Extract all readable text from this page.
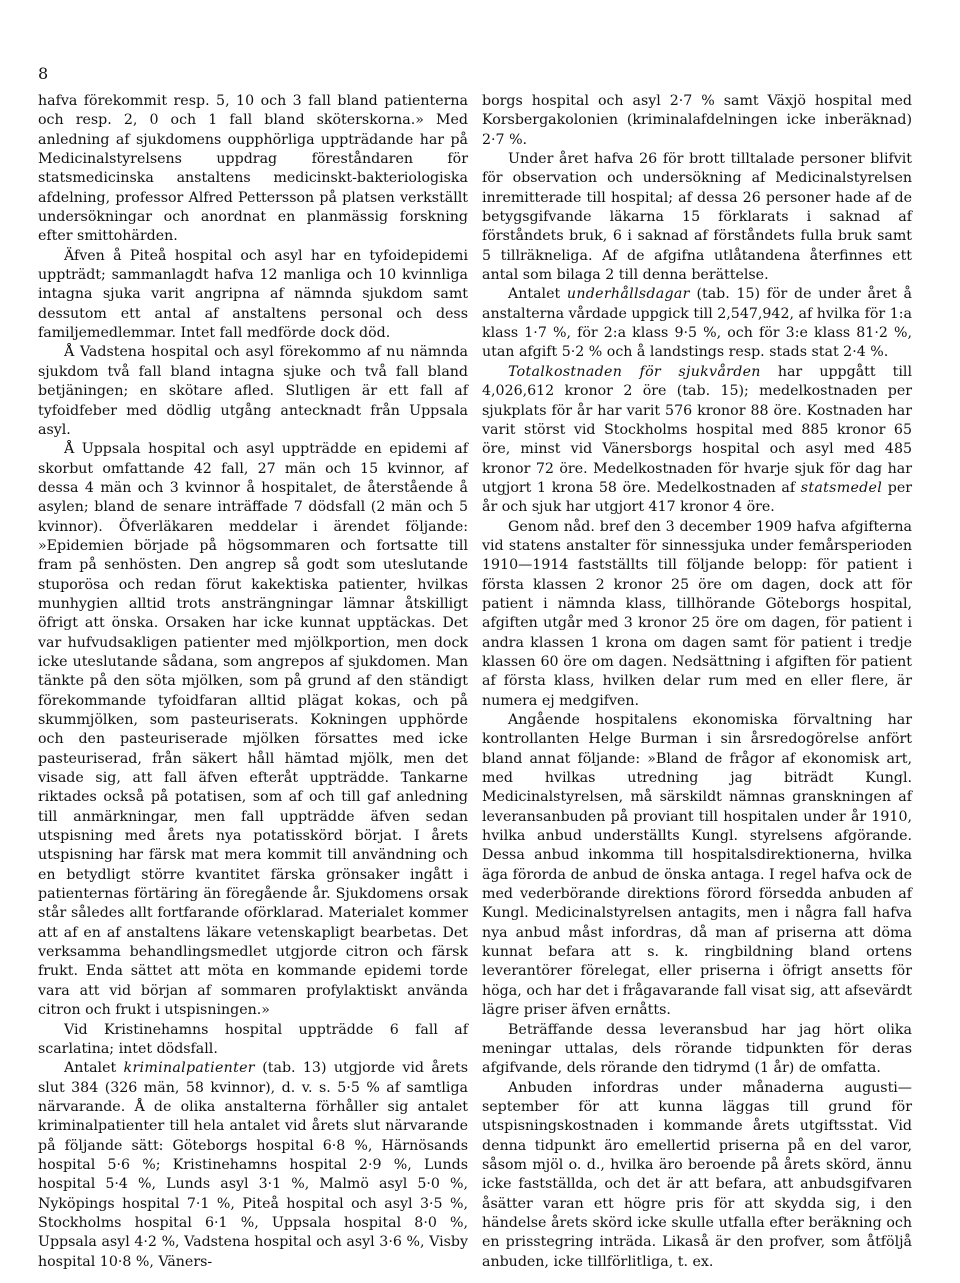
8

hafva förekommit resp. 5, 10 och 3 fall bland patienterna och resp. 2, 0 och 1 fall bland sköterskorna.» Med anledning af sjukdomens oupphörliga uppträdande har på Medicinalstyrelsens uppdrag föreståndaren för statsmedicinska anstaltens medicinskt-bakteriologiska afdelning, professor Alfred Pettersson på platsen verkställt undersökningar och anordnat en planmässig forskning efter smittohärden.

Äfven å Piteå hospital och asyl har en tyfoidepidemi uppträdt; sammanlagdt hafva 12 manliga och 10 kvinnliga intagna sjuka varit angripna af nämnda sjukdom samt dessutom ett antal af anstaltens personal och dess familjemedlemmar. Intet fall medförde dock död.

Å Vadstena hospital och asyl förekommo af nu nämnda sjukdom två fall bland intagna sjuke och två fall bland betjäningen; en skötare afled. Slutligen är ett fall af tyfoidfeber med dödlig utgång antecknadt från Uppsala asyl.

Å Uppsala hospital och asyl uppträdde en epidemi af skorbut omfattande 42 fall, 27 män och 15 kvinnor, af dessa 4 män och 3 kvinnor å hospitalet, de återstående å asylen; bland de senare inträffade 7 dödsfall (2 män och 5 kvinnor). Öfverläkaren meddelar i ärendet följande: »Epidemien började på högsommaren och fortsatte till fram på senhösten. Den angrep så godt som uteslutande stuporösa och redan förut kakektiska patienter, hvilkas munhygien alltid trots ansträngningar lämnar åtskilligt öfrigt att önska. Orsaken har icke kunnat upptäckas. Det var hufvudsakligen patienter med mjölkportion, men dock icke uteslutande sådana, som angrepos af sjukdomen. Man tänkte på den söta mjölken, som på grund af den ständigt förekommande tyfoidfaran alltid plägat kokas, och på skummjölken, som pasteuriserats. Kokningen upphörde och den pasteuriserade mjölken försattes med icke pasteuriserad, från säkert håll hämtad mjölk, men det visade sig, att fall äfven efteråt uppträdde. Tankarne riktades också på potatisen, som af och till gaf anledning till anmärkningar, men fall uppträdde äfven sedan utspisning med årets nya potatisskörd börjat. I årets utspisning har färsk mat mera kommit till användning och en betydligt större kvantitet färska grönsaker ingått i patienternas förtäring än föregående år. Sjukdomens orsak står således allt fortfarande oförklarad. Materialet kommer att af en af anstaltens läkare vetenskapligt bearbetas. Det verksamma behandlingsmedlet utgjorde citron och färsk frukt. Enda sättet att möta en kommande epidemi torde vara att vid början af sommaren profylaktiskt använda citron och frukt i utspisningen.»

Vid Kristinehamns hospital uppträdde 6 fall af scarlatina; intet dödsfall.

Antalet kriminalpatienter (tab. 13) utgjorde vid årets slut 384 (326 män, 58 kvinnor), d. v. s. 5·5 % af samtliga närvarande. Å de olika anstalterna förhåller sig antalet kriminalpatienter till hela antalet vid årets slut närvarande på följande sätt: Göteborgs hospital 6·8 %, Härnösands hospital 5·6 %; Kristinehamns hospital 2·9 %, Lunds hospital 5·4 %, Lunds asyl 3·1 %, Malmö asyl 5·0 %, Nyköpings hospital 7·1 %, Piteå hospital och asyl 3·5 %, Stockholms hospital 6·1 %, Uppsala hospital 8·0 %, Uppsala asyl 4·2 %, Vadstena hospital och asyl 3·6 %, Visby hospital 10·8 %, Väners-

borgs hospital och asyl 2·7 % samt Växjö hospital med Korsbergakolonien (kriminalafdelningen icke inberäknad) 2·7 %.

Under året hafva 26 för brott tilltalade personer blifvit för observation och undersökning af Medicinalstyrelsen inremitterade till hospital; af dessa 26 personer hade af de betygsgifvande läkarna 15 förklarats i saknad af förståndets bruk, 6 i saknad af förståndets fulla bruk samt 5 tillräkneliga. Af de afgifna utlåtandena återfinnes ett antal som bilaga 2 till denna berättelse.

Antalet underhållsdagar (tab. 15) för de under året å anstalterna vårdade uppgick till 2,547,942, af hvilka för 1:a klass 1·7 %, för 2:a klass 9·5 %, och för 3:e klass 81·2 %, utan afgift 5·2 % och å landstings resp. stads stat 2·4 %.

Totalkostnaden för sjukvården har uppgått till 4,026,612 kronor 2 öre (tab. 15); medelkostnaden per sjukplats för år har varit 576 kronor 88 öre. Kostnaden har varit störst vid Stockholms hospital med 885 kronor 65 öre, minst vid Vänersborgs hospital och asyl med 485 kronor 72 öre. Medelkostnaden för hvarje sjuk för dag har utgjort 1 krona 58 öre. Medelkostnaden af statsmedel per år och sjuk har utgjort 417 kronor 4 öre.

Genom nåd. bref den 3 december 1909 hafva afgifterna vid statens anstalter för sinnessjuka under femårsperioden 1910—1914 fastställts till följande belopp: för patient i första klassen 2 kronor 25 öre om dagen, dock att för patient i nämnda klass, tillhörande Göteborgs hospital, afgiften utgår med 3 kronor 25 öre om dagen, för patient i andra klassen 1 krona om dagen samt för patient i tredje klassen 60 öre om dagen. Nedsättning i afgiften för patient af första klass, hvilken delar rum med en eller flere, är numera ej medgifven.

Angående hospitalens ekonomiska förvaltning har kontrollanten Helge Burman i sin årsredogörelse anfört bland annat följande: »Bland de frågor af ekonomisk art, med hvilkas utredning jag biträdt Kungl. Medicinalstyrelsen, må särskildt nämnas granskningen af leveransanbuden på proviant till hospitalen under år 1910, hvilka anbud underställts Kungl. styrelsens afgörande. Dessa anbud inkomma till hospitalsdirektionerna, hvilka äga förorda de anbud de önska antaga. I regel hafva ock de med vederbörande direktions förord försedda anbuden af Kungl. Medicinalstyrelsen antagits, men i några fall hafva nya anbud måst infordras, då man af priserna att döma kunnat befara att s. k. ringbildning bland ortens leverantörer förelegat, eller priserna i öfrigt ansetts för höga, och har det i frågavarande fall visat sig, att afsevärdt lägre priser äfven ernåtts.

Beträffande dessa leveransbud har jag hört olika meningar uttalas, dels rörande tidpunkten för deras afgifvande, dels rörande den tidrymd (1 år) de omfatta.

Anbuden infordras under månaderna augusti—september för att kunna läggas till grund för utspisningskostnaden i kommande årets utgiftsstat. Vid denna tidpunkt äro emellertid priserna på en del varor, såsom mjöl o. d., hvilka äro beroende på årets skörd, ännu icke fastställda, och det är att befara, att anbudsgifvaren åsätter varan ett högre pris för att skydda sig, i den händelse årets skörd icke skulle utfalla efter beräkning och en prisstegring inträda. Likaså är den profver, som åtföljå anbuden, icke tillförlitliga, t. ex.
